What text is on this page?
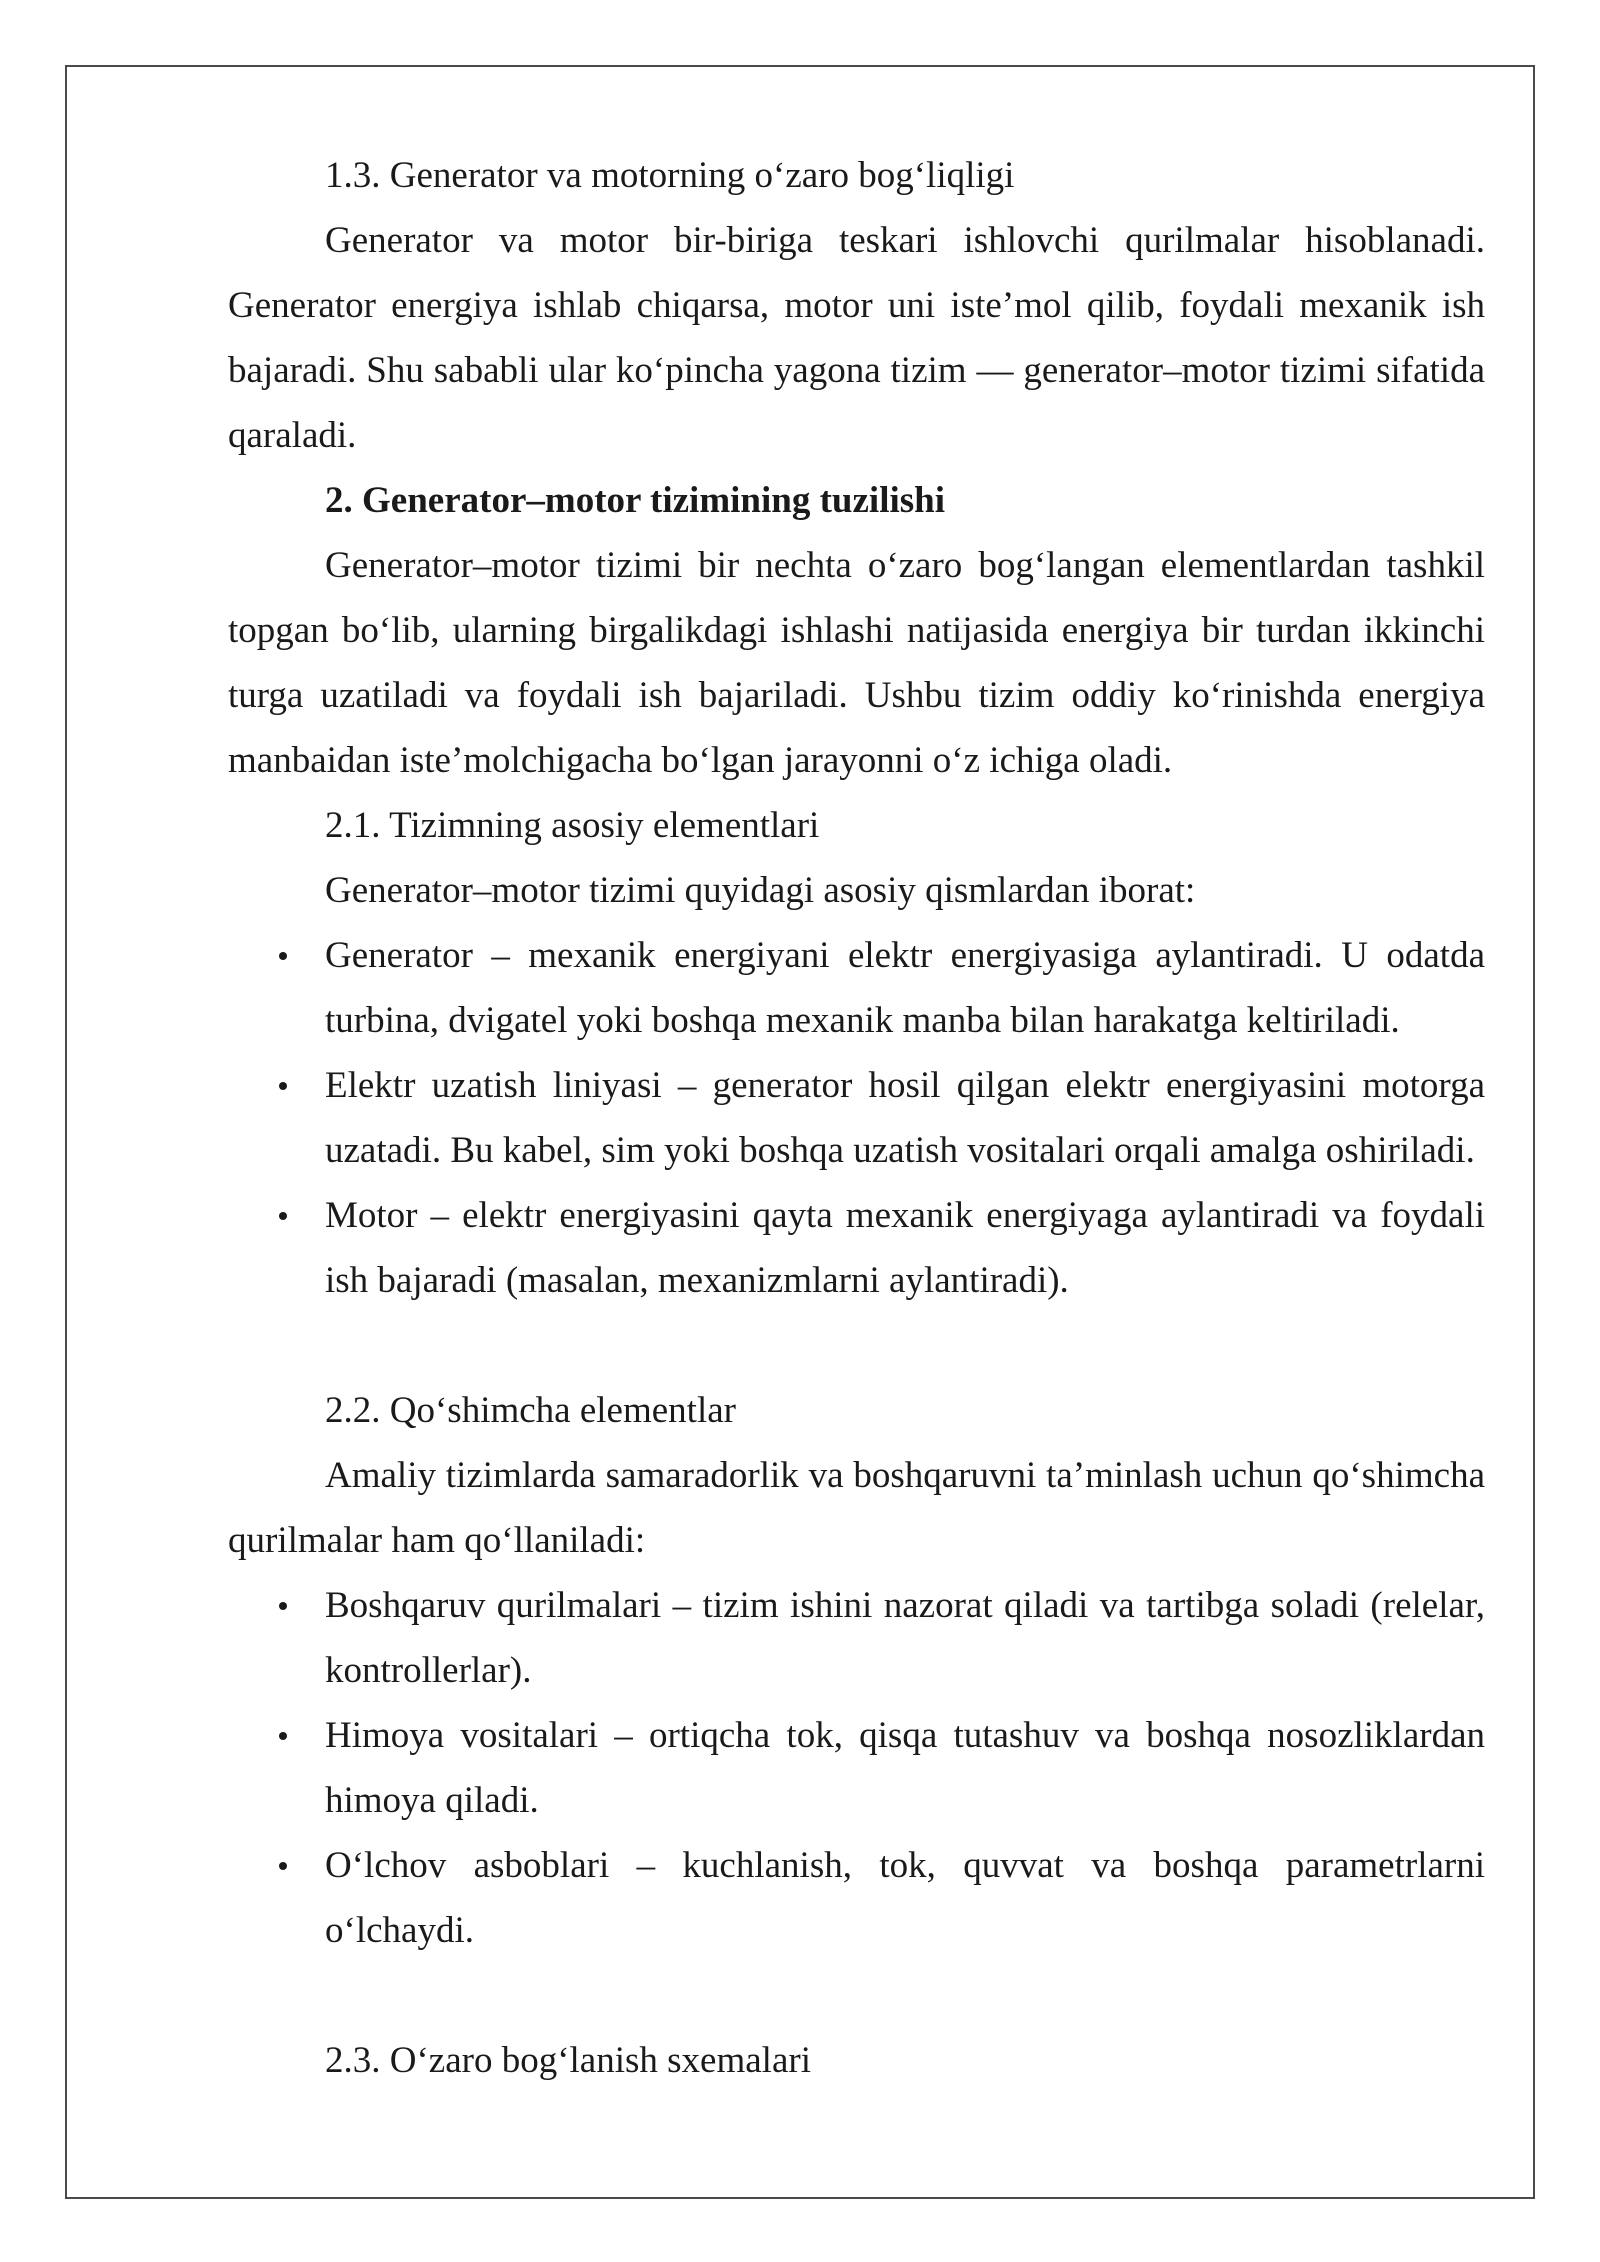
1.3. Generator va motorning o‘zaro bog‘liqligi
Generator va motor bir-biriga teskari ishlovchi qurilmalar hisoblanadi.
Generator energiya ishlab chiqarsa, motor uni iste’mol qilib, foydali mexanik ish
bajaradi. Shu sababli ular ko‘pincha yagona tizim — generator–motor tizimi sifatida
qaraladi.
2. Generator–motor tizimining tuzilishi
Generator–motor tizimi bir nechta o‘zaro bog‘langan elementlardan tashkil
topgan bo‘lib, ularning birgalikdagi ishlashi natijasida energiya bir turdan ikkinchi
turga uzatiladi va foydali ish bajariladi. Ushbu tizim oddiy ko‘rinishda energiya
manbaidan iste’molchigacha bo‘lgan jarayonni o‘z ichiga oladi.
2.1. Tizimning asosiy elementlari
Generator–motor tizimi quyidagi asosiy qismlardan iborat:
Generator – mexanik energiyani elektr energiyasiga aylantiradi. U odatda
turbina, dvigatel yoki boshqa mexanik manba bilan harakatga keltiriladi.
Elektr uzatish liniyasi – generator hosil qilgan elektr energiyasini motorga
uzatadi. Bu kabel, sim yoki boshqa uzatish vositalari orqali amalga oshiriladi.
Motor – elektr energiyasini qayta mexanik energiyaga aylantiradi va foydali
ish bajaradi (masalan, mexanizmlarni aylantiradi).
2.2. Qo‘shimcha elementlar
Amaliy tizimlarda samaradorlik va boshqaruvni ta’minlash uchun qo‘shimcha
qurilmalar ham qo‘llaniladi:
Boshqaruv qurilmalari – tizim ishini nazorat qiladi va tartibga soladi (relelar,
kontrollerlar).
Himoya vositalari – ortiqcha tok, qisqa tutashuv va boshqa nosozliklardan
himoya qiladi.
O‘lchov asboblari – kuchlanish, tok, quvvat va boshqa parametrlarni
o‘lchaydi.
2.3. O‘zaro bog‘lanish sxemalari
